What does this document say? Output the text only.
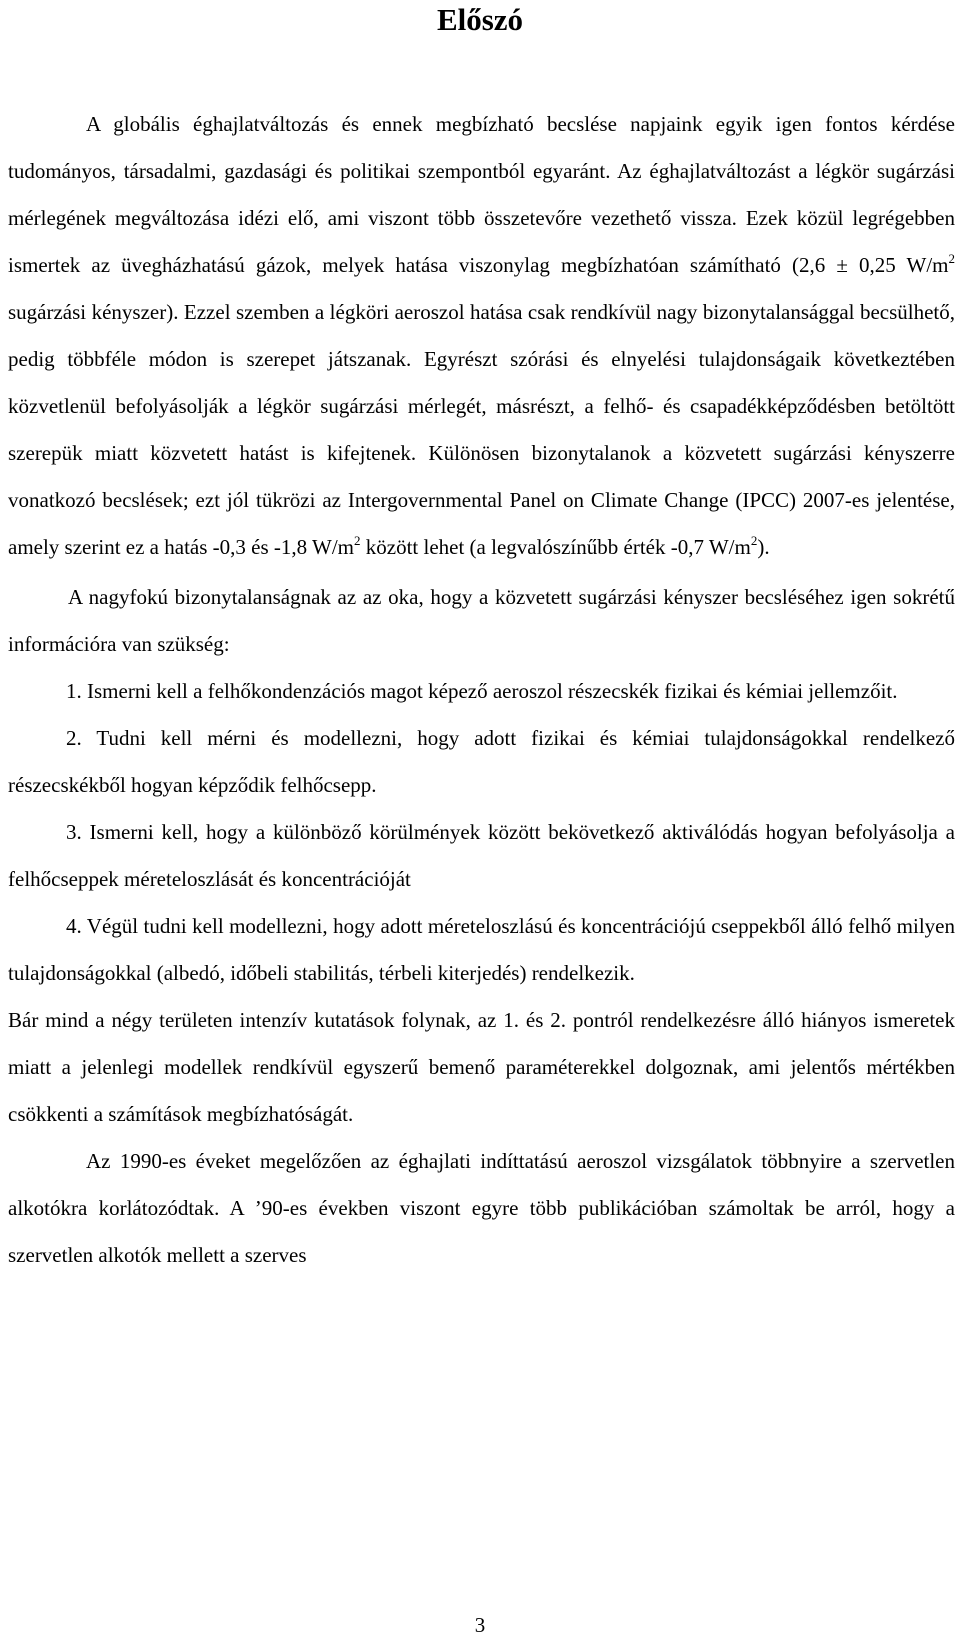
Előszó

A globális éghajlatváltozás és ennek megbízható becslése napjaink egyik igen fontos kérdése tudományos, társadalmi, gazdasági és politikai szempontból egyaránt. Az éghajlatváltozást a légkör sugárzási mérlegének megváltozása idézi elő, ami viszont több összetevőre vezethető vissza. Ezek közül legrégebben ismertek az üvegházhatású gázok, melyek hatása viszonylag megbízhatóan számítható (2,6 ± 0,25 $W/m^2$ sugárzási kényszer). Ezzel szemben a légköri aeroszol hatása csak rendkívül nagy bizonytalansággal becsülhető, pedig többféle módon is szerepet játszanak. Egyrészt szórási és elnyelési tulajdonságaik következtében közvetlenül befolyásolják a légkör sugárzási mérlegét, másrészt, a felhő- és csapadékképződésben betöltött szerepük miatt közvetett hatást is kifejtenek. Különösen bizonytalanok a közvetett sugárzási kényszerre vonatkozó becslések; ezt jól tükrözi az Intergovernmental Panel on Climate Change (IPCC) 2007-es jelentése, amely szerint ez a hatás -0,3 és -1,8 $W/m^2$ között lehet (a legvalószínűbb érték -0,7 $W/m^2$).

A nagyfokú bizonytalanságnak az az oka, hogy a közvetett sugárzási kényszer becsléséhez igen sokrétű információra van szükség:

1. Ismerni kell a felhőkondenzációs magot képező aeroszol részecskék fizikai és kémiai jellemzőit.

2. Tudni kell mérni és modellezni, hogy adott fizikai és kémiai tulajdonságokkal rendelkező részecskékből hogyan képződik felhőcsepp.

3. Ismerni kell, hogy a különböző körülmények között bekövetkező aktiválódás hogyan befolyásolja a felhőcseppek méreteloszlását és koncentrációját

4. Végül tudni kell modellezni, hogy adott méreteloszlású és koncentrációjú cseppekből álló felhő milyen tulajdonságokkal (albedó, időbeli stabilitás, térbeli kiterjedés) rendelkezik.

Bár mind a négy területen intenzív kutatások folynak, az 1. és 2. pontról rendelkezésre álló hiányos ismeretek miatt a jelenlegi modellek rendkívül egyszerű bemenő paraméterekkel dolgoznak, ami jelentős mértékben csökkenti a számítások megbízhatóságát.

Az 1990-es éveket megelőzően az éghajlati indíttatású aeroszol vizsgálatok többnyire a szervetlen alkotókra korlátozódtak. A ’90-es években viszont egyre több publikációban számoltak be arról, hogy a szervetlen alkotók mellett a szerves

3
